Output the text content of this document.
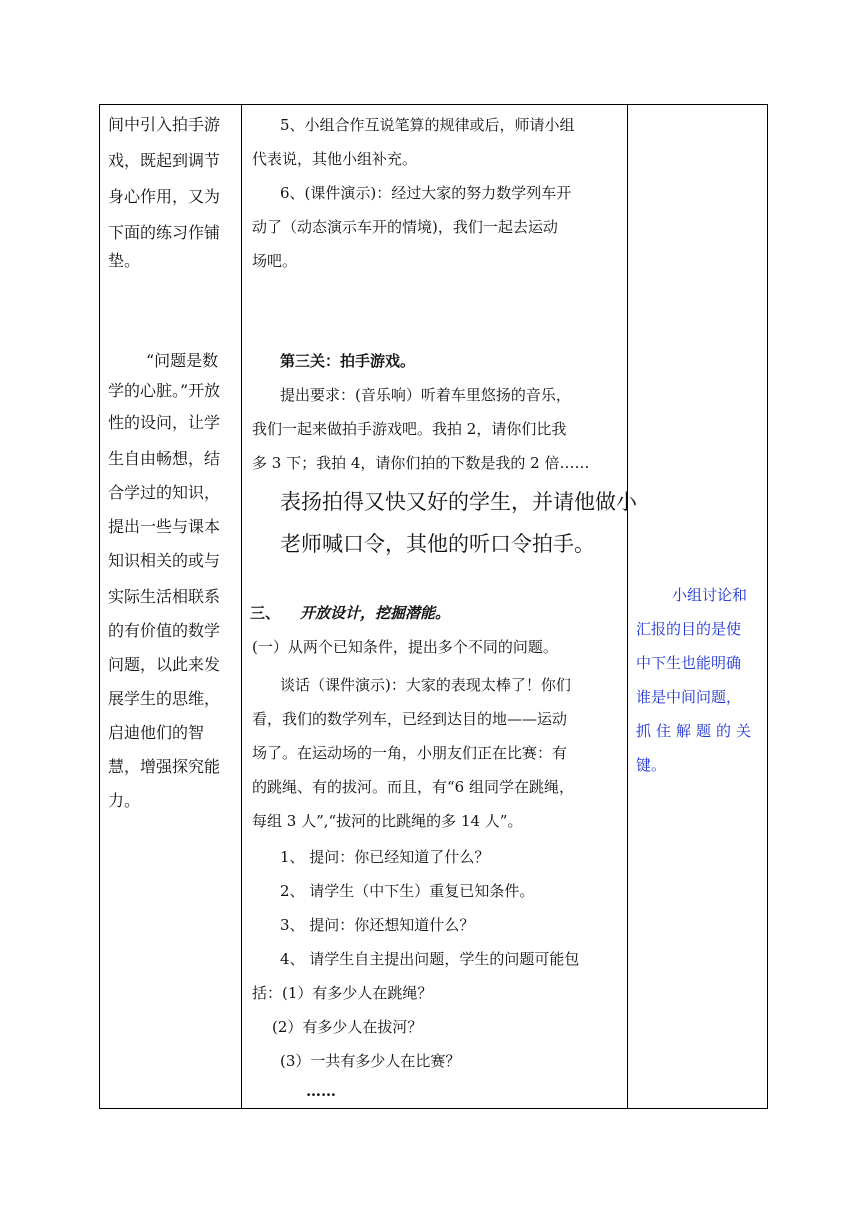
间中引入拍手游
戏，既起到调节
身心作用，又为
下面的练习作铺
垫。
“问题是数
学的心脏。”开放
性的设问，让学
生自由畅想，结
合学过的知识，
提出一些与课本
知识相关的或与
实际生活相联系
的有价值的数学
问题，以此来发
展学生的思维，
启迪他们的智
慧，增强探究能
力。
5、小组合作互说笔算的规律或后，师请小组
代表说，其他小组补充。
6、(课件演示)：经过大家的努力数学列车开
动了（动态演示车开的情境)，我们一起去运动
场吧。
第三关：拍手游戏。
提出要求：(音乐响）听着车里悠扬的音乐，
我们一起来做拍手游戏吧。我拍 2，请你们比我
多 3 下；我拍 4，请你们拍的下数是我的 2 倍……
表扬拍得又快又好的学生，并请他做小
老师喊口令，其他的听口令拍手。
三、 开放设计，挖掘潜能。
(一）从两个已知条件，提出多个不同的问题。
谈话（课件演示)：大家的表现太棒了！你们
看，我们的数学列车，已经到达目的地——运动
场了。在运动场的一角，小朋友们正在比赛：有
的跳绳、有的拔河。而且，有“6 组同学在跳绳，
每组 3 人”,“拔河的比跳绳的多 14 人”。
1、 提问：你已经知道了什么？
2、 请学生（中下生）重复已知条件。
3、 提问：你还想知道什么？
4、 请学生自主提出问题，学生的问题可能包
括：(1）有多少人在跳绳？
(2）有多少人在拔河？
(3）一共有多少人在比赛？
……
小组讨论和
汇报的目的是使
中下生也能明确
谁是中间问题，
抓住解题的关
键。
